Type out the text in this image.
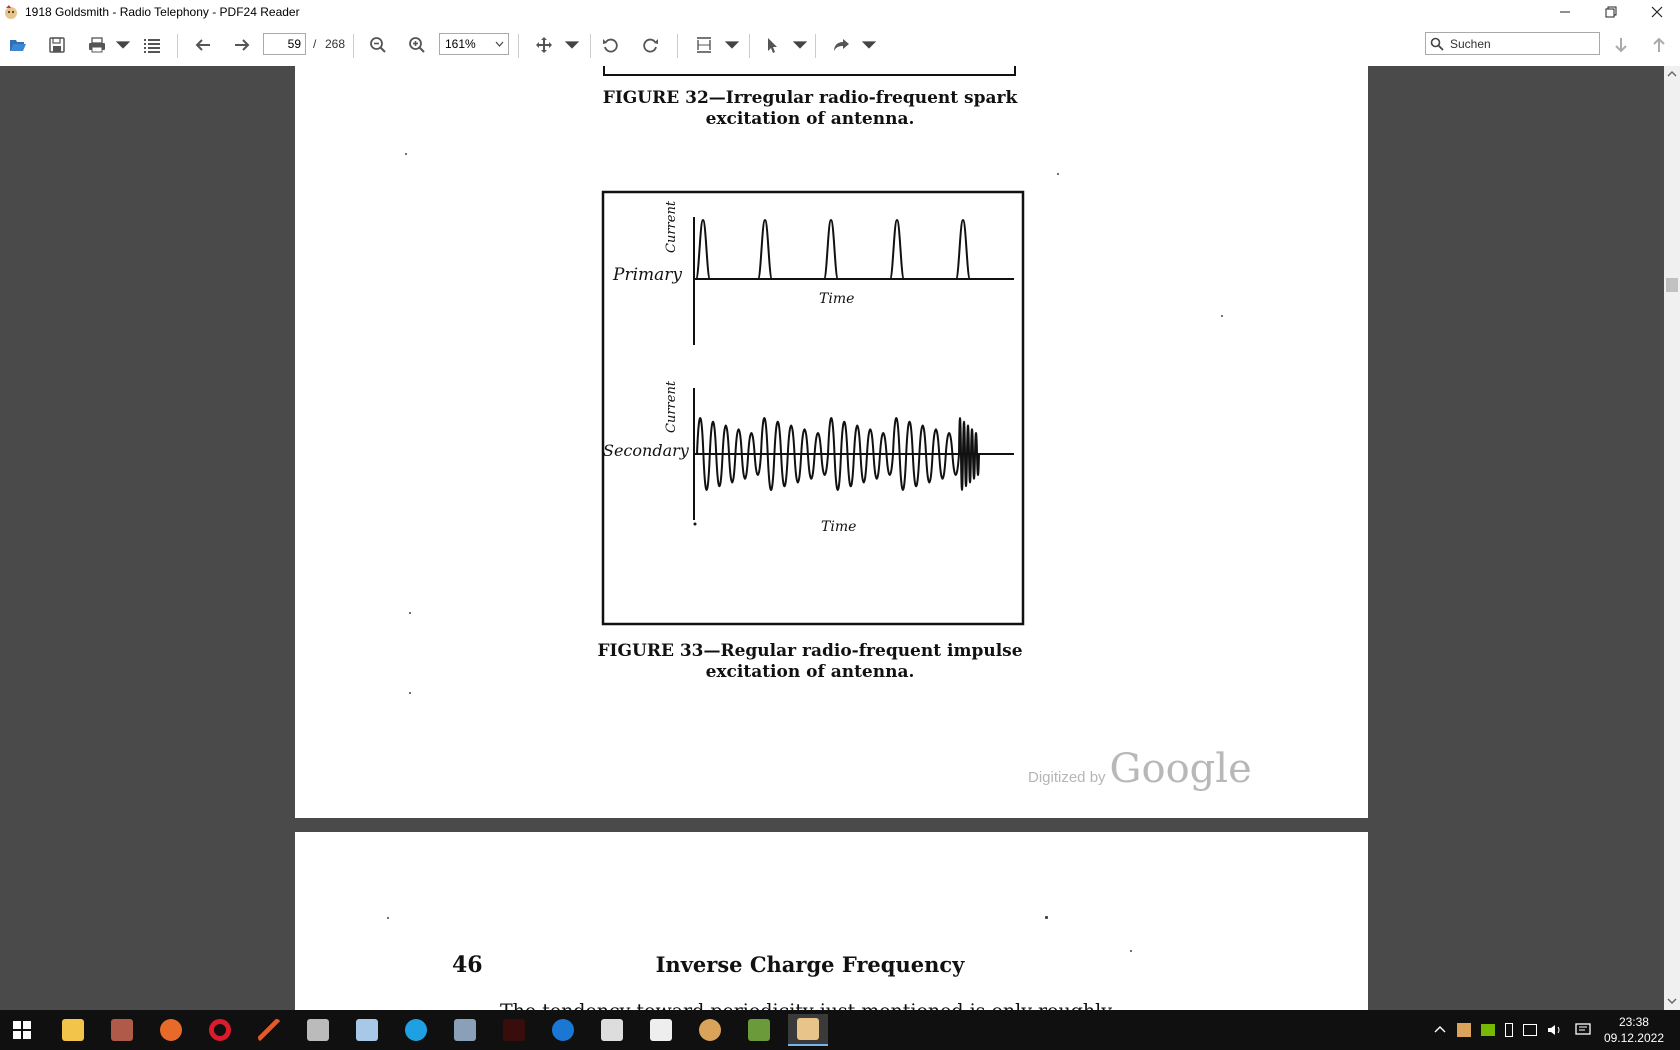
1918 Goldsmith - Radio Telephony - PDF24 Reader
59	/ 268	161%	Suchen
FIGURE 32—Irregular radio-frequent spark
excitation of antenna.
Current
Primary
Time
Current
Secondary
Time
FIGURE 33—Regular radio-frequent impulse
excitation of antenna.
Digitized by Google
46	Inverse Charge Frequency
23:38
09.12.2022
